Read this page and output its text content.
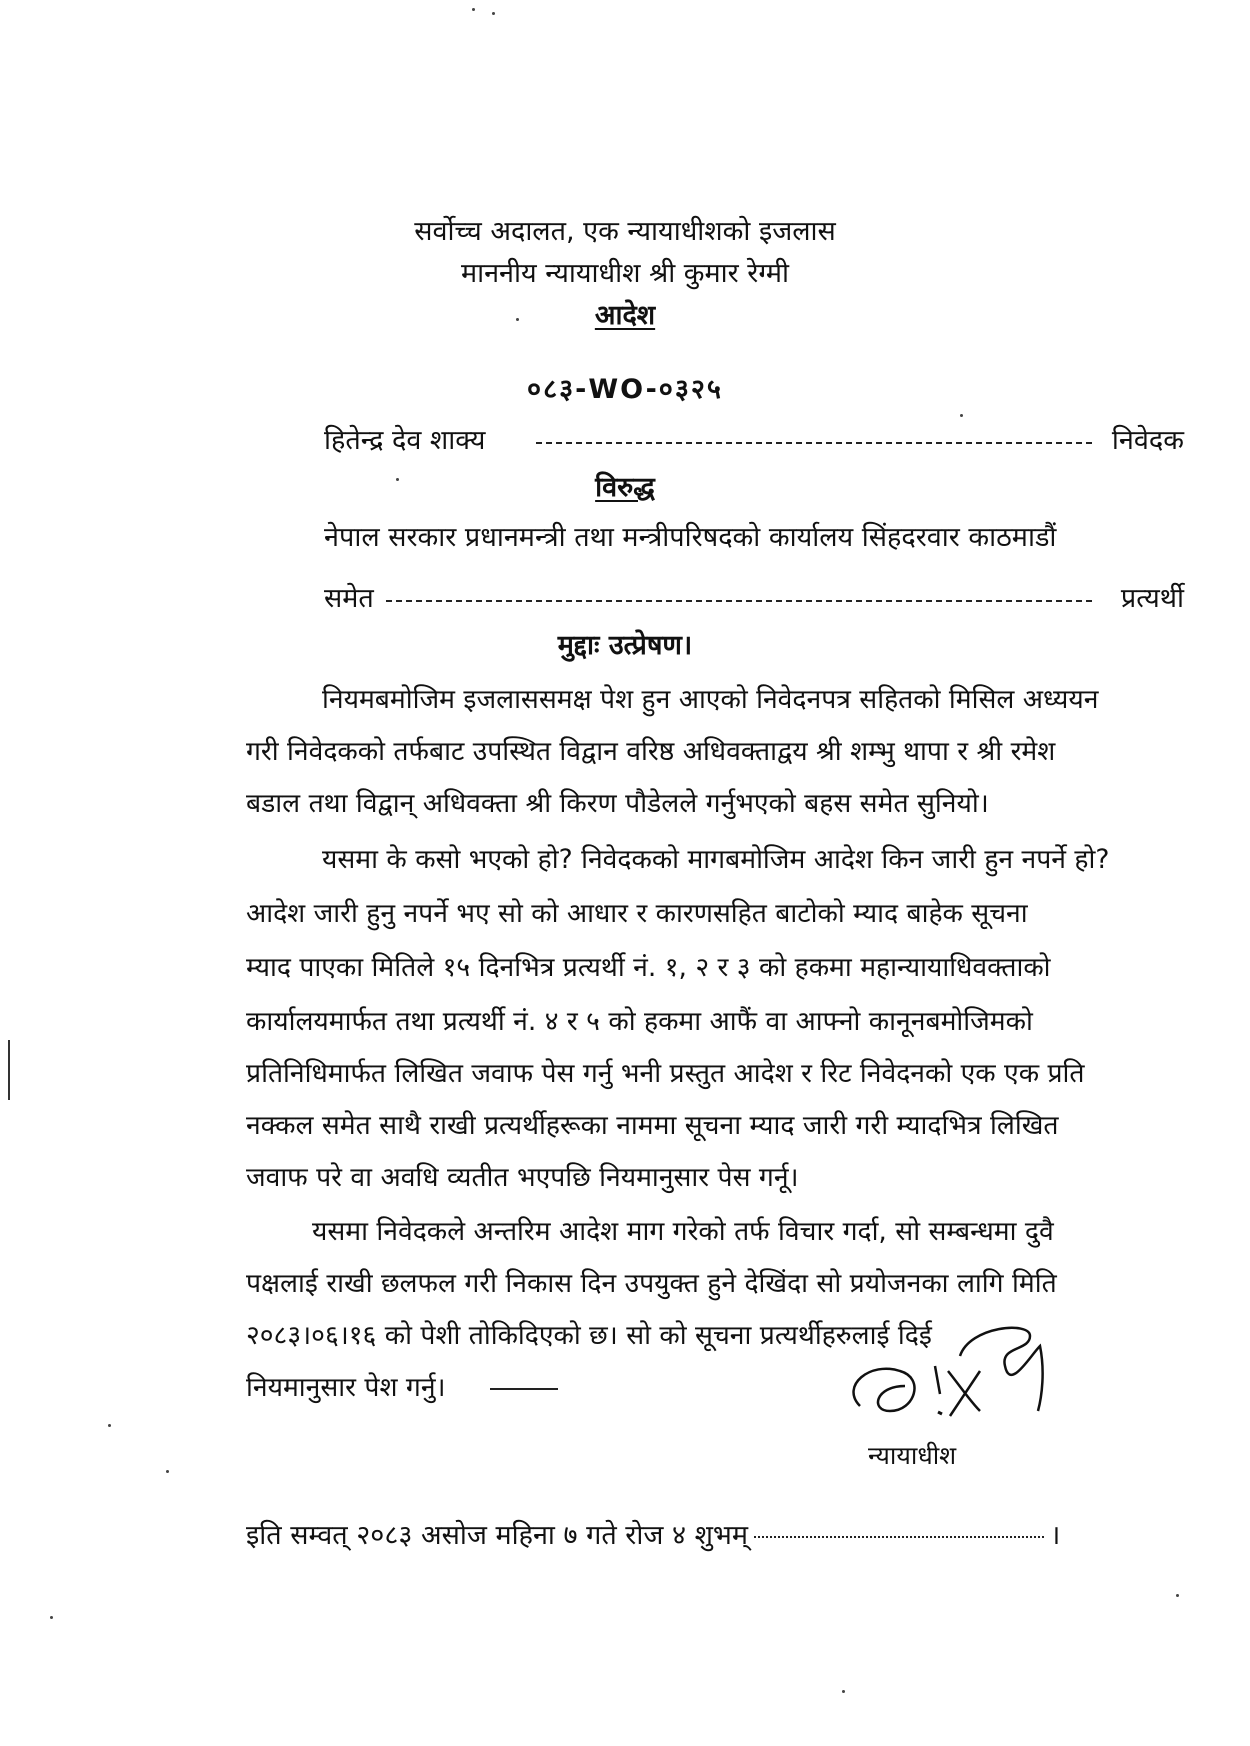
सर्वोच्च अदालत, एक न्यायाधीशको इजलास
माननीय न्यायाधीश श्री कुमार रेग्मी
आदेश
०८३-WO-०३२५
हितेन्द्र देव शाक्य	निवेदक
विरुद्ध
नेपाल सरकार प्रधानमन्त्री तथा मन्त्रीपरिषदको कार्यालय सिंहदरवार काठमाडौं
समेत	प्रत्यर्थी
मुद्दाः उत्प्रेषण।
नियमबमोजिम इजलाससमक्ष पेश हुन आएको निवेदनपत्र सहितको मिसिल अध्ययन
गरी निवेदकको तर्फबाट उपस्थित विद्वान वरिष्ठ अधिवक्ताद्वय श्री शम्भु थापा र श्री रमेश
बडाल तथा विद्वान् अधिवक्ता श्री किरण पौडेलले गर्नुभएको बहस समेत सुनियो।
यसमा के कसो भएको हो? निवेदकको मागबमोजिम आदेश किन जारी हुन नपर्ने हो?
आदेश जारी हुनु नपर्ने भए सो को आधार र कारणसहित बाटोको म्याद बाहेक सूचना
म्याद पाएका मितिले १५ दिनभित्र प्रत्यर्थी नं. १, २ र ३ को हकमा महान्यायाधिवक्ताको
कार्यालयमार्फत तथा प्रत्यर्थी नं. ४ र ५ को हकमा आफैं वा आफ्नो कानूनबमोजिमको
प्रतिनिधिमार्फत लिखित जवाफ पेस गर्नु भनी प्रस्तुत आदेश र रिट निवेदनको एक एक प्रति
नक्कल समेत साथै राखी प्रत्यर्थीहरूका नाममा सूचना म्याद जारी गरी म्यादभित्र लिखित
जवाफ परे वा अवधि व्यतीत भएपछि नियमानुसार पेस गर्नू।
यसमा निवेदकले अन्तरिम आदेश माग गरेको तर्फ विचार गर्दा, सो सम्बन्धमा दुवै
पक्षलाई राखी छलफल गरी निकास दिन उपयुक्त हुने देखिंदा सो प्रयोजनका लागि मिति
२०८३।०६।१६ को पेशी तोकिदिएको छ। सो को सूचना प्रत्यर्थीहरुलाई दिई
नियमानुसार पेश गर्नु।
न्यायाधीश
इति सम्वत् २०८३ असोज महिना ७ गते रोज ४ शुभम्	।
